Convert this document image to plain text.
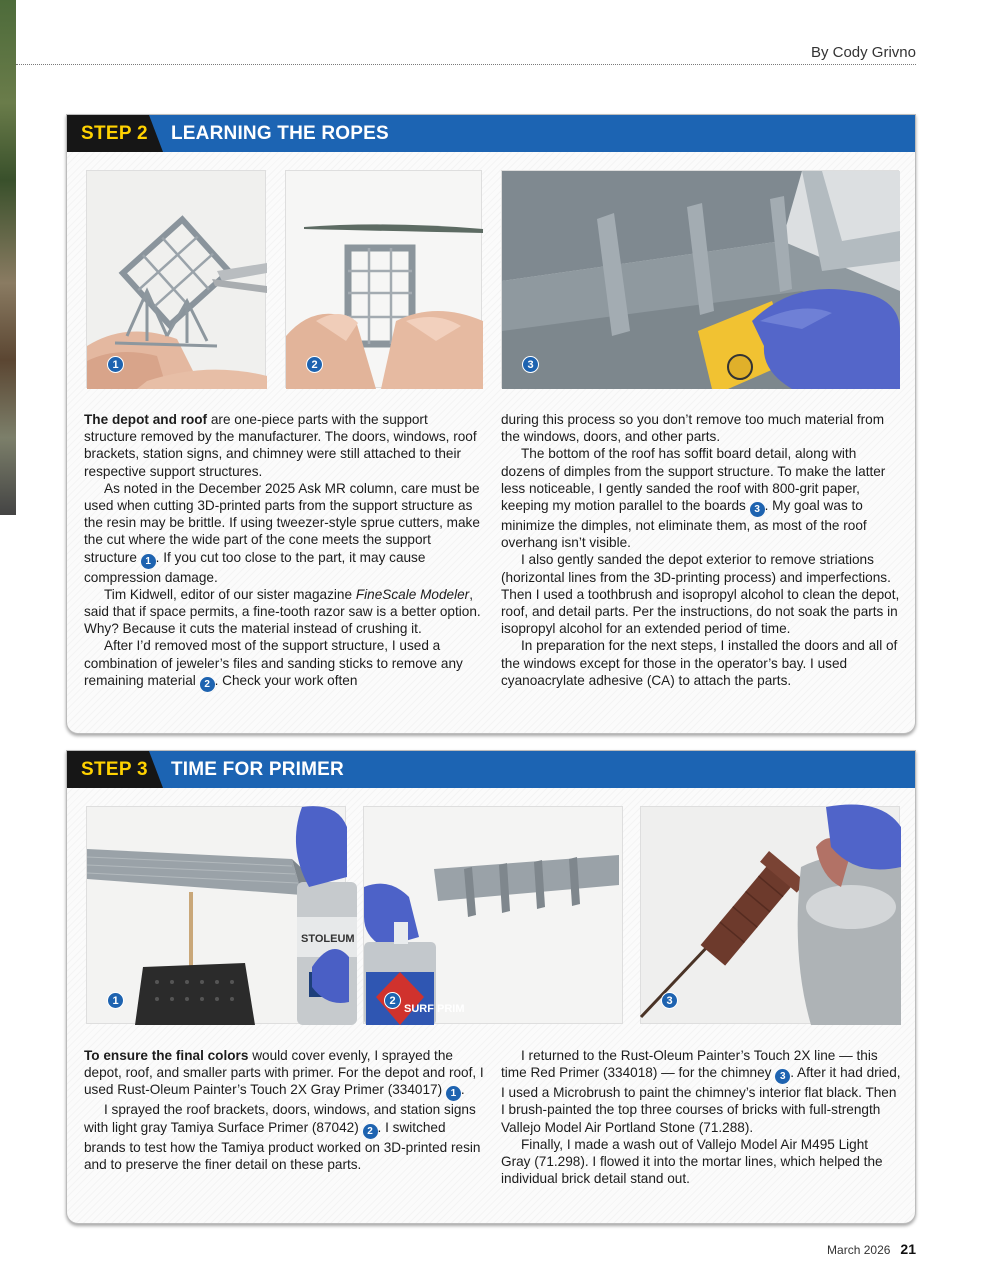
By Cody Grivno
STEP 2 LEARNING THE ROPES
1	2	3

The depot and roof are one-piece parts with the support structure removed by the manufacturer. The doors, windows, roof brackets, station signs, and chimney were still attached to their respective support structures.

As noted in the December 2025 Ask MR column, care must be used when cutting 3D-printed parts from the support structure as the resin may be brittle. If using tweezer-style sprue cutters, make the cut where the wide part of the cone meets the support structure 1 . If you cut too close to the part, it may cause compression damage.

Tim Kidwell, editor of our sister magazine FineScale Modeler, said that if space permits, a fine-tooth razor saw is a better option. Why? Because it cuts the material instead of crushing it.

After I’d removed most of the support structure, I used a combination of jeweler’s files and sanding sticks to remove any remaining material 2 . Check your work often

during this process so you don’t remove too much material from the windows, doors, and other parts.

The bottom of the roof has soffit board detail, along with dozens of dimples from the support structure. To make the latter less noticeable, I gently sanded the roof with 800-grit paper, keeping my motion parallel to the boards 3 . My goal was to minimize the dimples, not eliminate them, as most of the roof overhang isn’t visible.

I also gently sanded the depot exterior to remove striations (horizontal lines from the 3D-printing process) and imperfections. Then I used a toothbrush and isopropyl alcohol to clean the depot, roof, and detail parts. Per the instructions, do not soak the parts in isopropyl alcohol for an extended period of time.

In preparation for the next steps, I installed the doors and all of the windows except for those in the operator’s bay. I used cyanoacrylate adhesive (CA) to attach the parts.

STEP 3 TIME FOR PRIMER
STOLEUM
1
SURF PRIM
2	3

To ensure the final colors would cover evenly, I sprayed the depot, roof, and smaller parts with primer. For the depot and roof, I used Rust-Oleum Painter’s Touch 2X Gray Primer (334017) 1 .

I sprayed the roof brackets, doors, windows, and station signs with light gray Tamiya Surface Primer (87042) 2 . I switched brands to test how the Tamiya product worked on 3D-printed resin and to preserve the finer detail on these parts.

I returned to the Rust-Oleum Painter’s Touch 2X line — this time Red Primer (334018) — for the chimney 3 . After it had dried, I used a Microbrush to paint the chimney’s interior flat black. Then I brush-painted the top three courses of bricks with full-strength Vallejo Model Air Portland Stone (71.288).

Finally, I made a wash out of Vallejo Model Air M495 Light Gray (71.298). I flowed it into the mortar lines, which helped the individual brick detail stand out.

March 2026 21
